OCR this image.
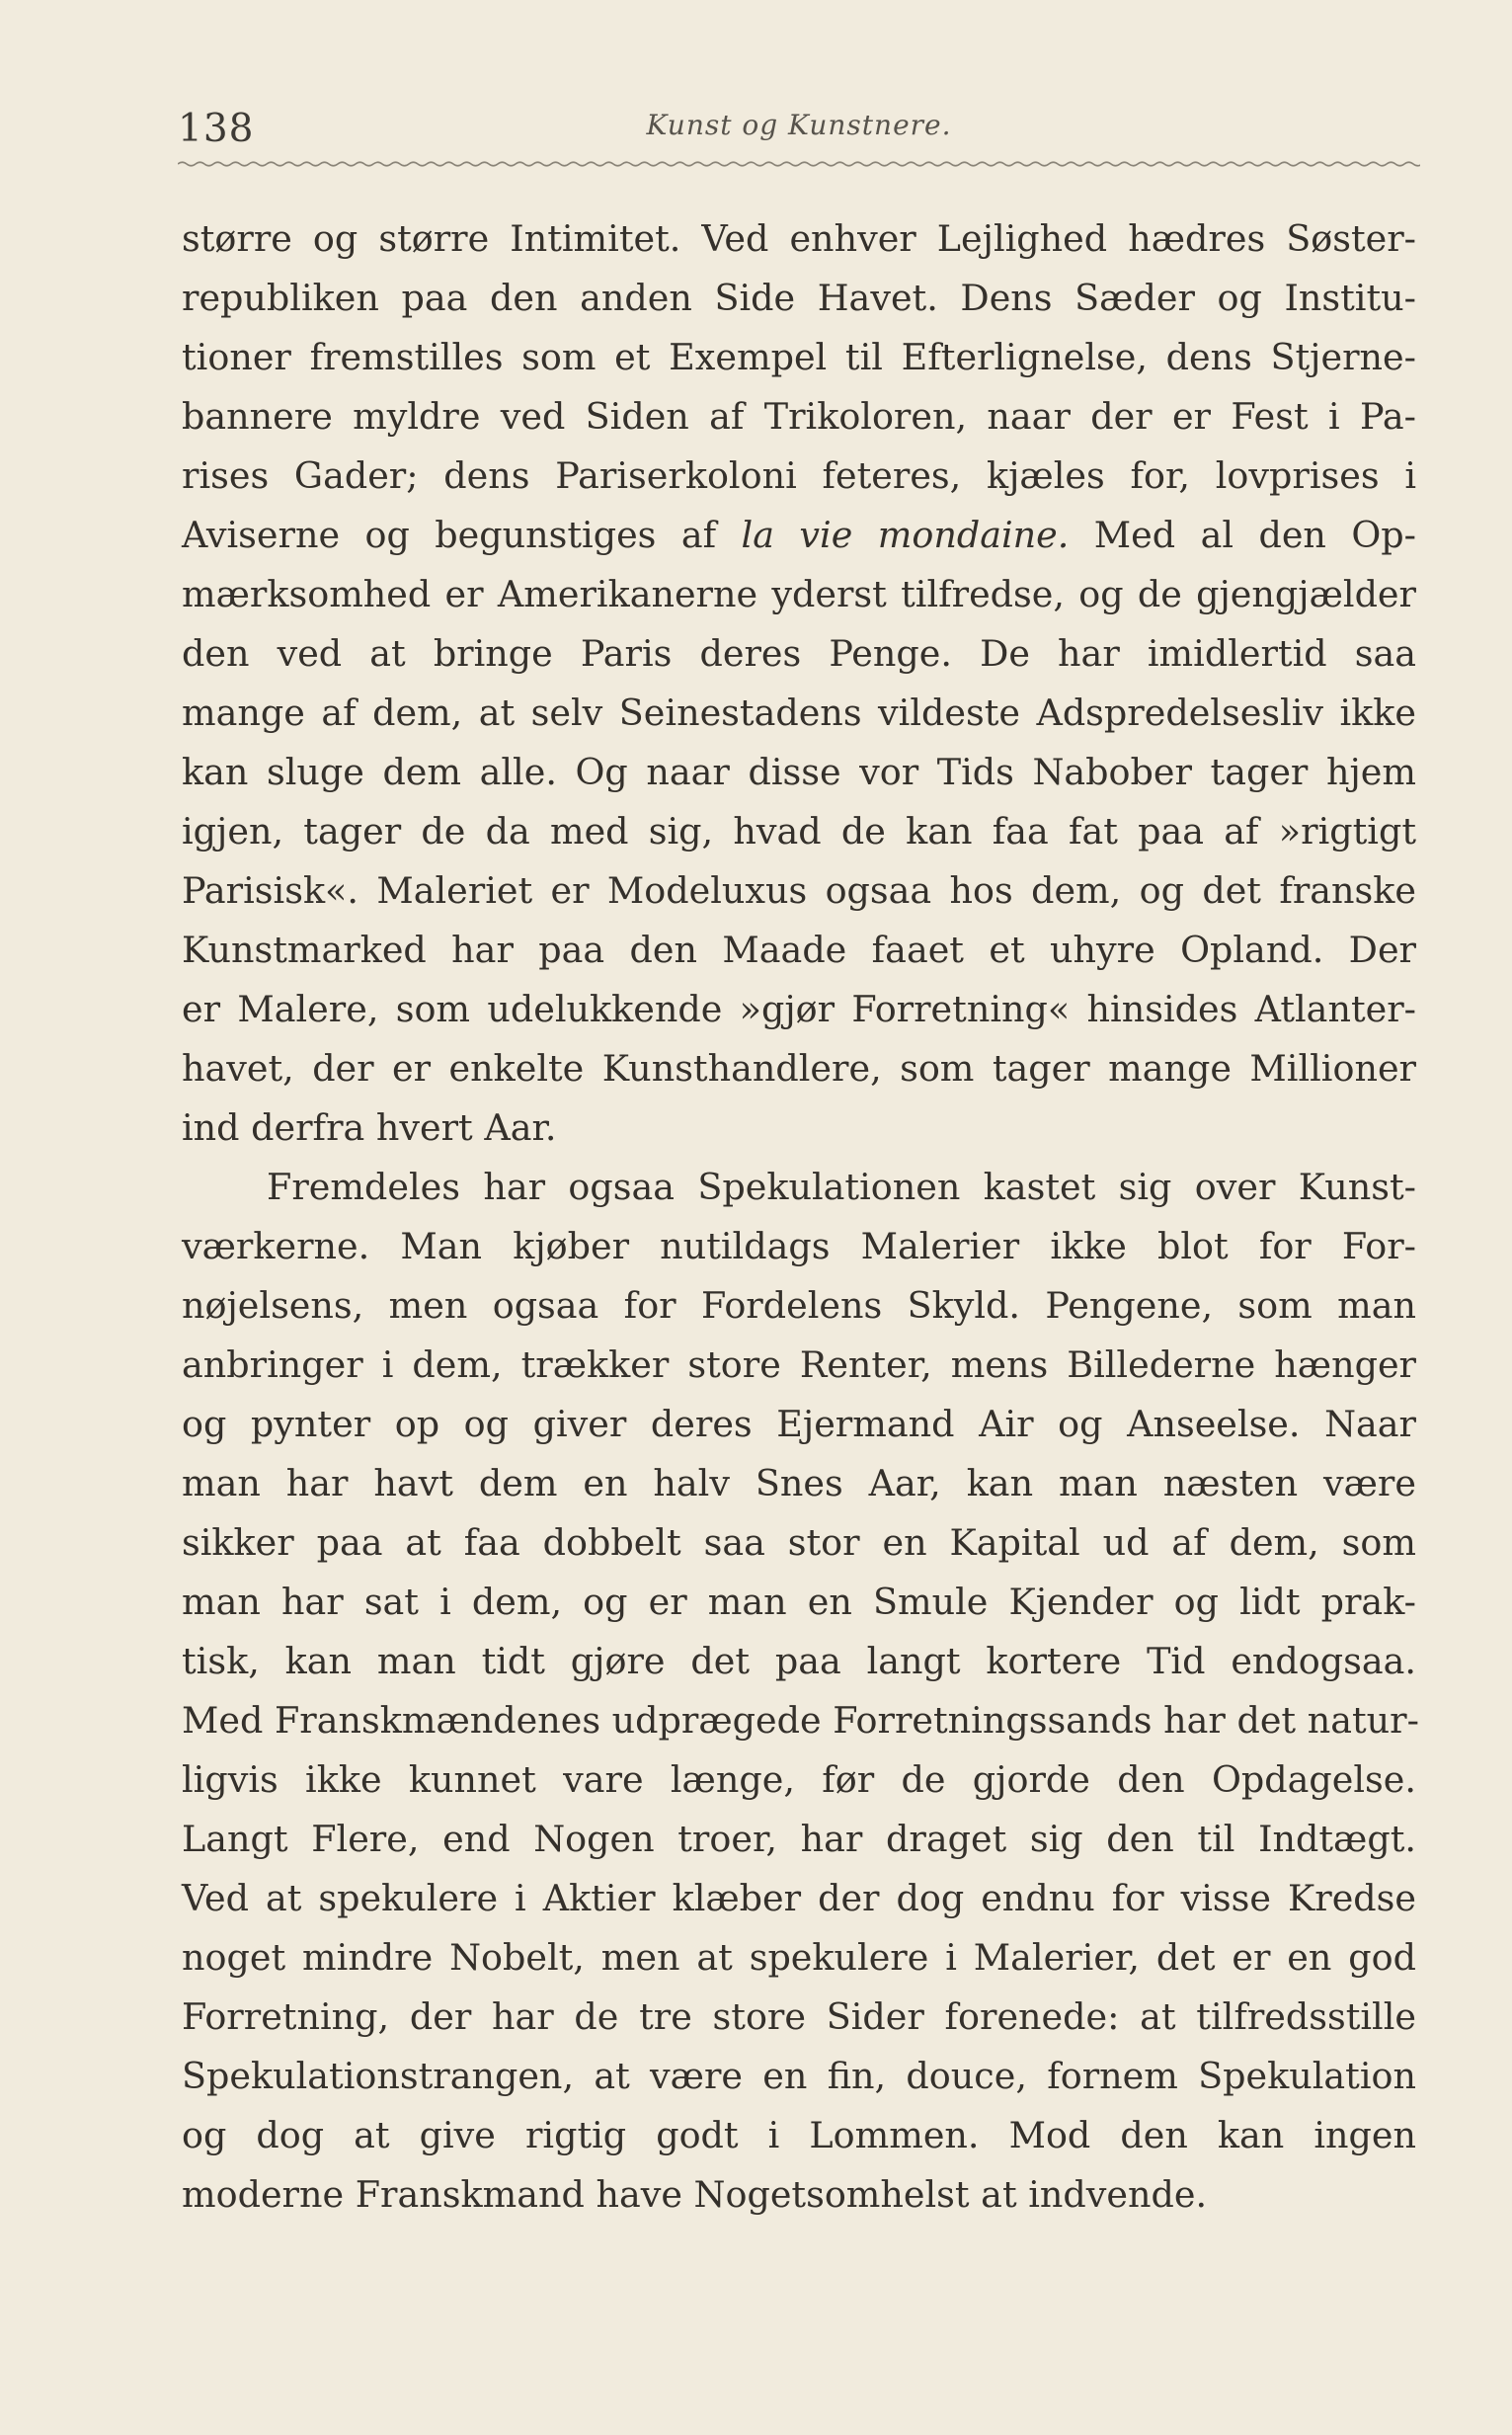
138	Kunst og Kunstnere.
større og større Intimitet. Ved enhver Lejlighed hædres Søster-
republiken paa den anden Side Havet. Dens Sæder og Institu-
tioner fremstilles som et Exempel til Efterlignelse, dens Stjerne-
bannere myldre ved Siden af Trikoloren, naar der er Fest i Pa-
rises Gader; dens Pariserkoloni feteres, kjæles for, lovprises i
Aviserne og begunstiges af la vie mondaine. Med al den Op-
mærksomhed er Amerikanerne yderst tilfredse, og de gjengjælder
den ved at bringe Paris deres Penge. De har imidlertid saa
mange af dem, at selv Seinestadens vildeste Adspredelsesliv ikke
kan sluge dem alle. Og naar disse vor Tids Nabober tager hjem
igjen, tager de da med sig, hvad de kan faa fat paa af »rigtigt
Parisisk«. Maleriet er Modeluxus ogsaa hos dem, og det franske
Kunstmarked har paa den Maade faaet et uhyre Opland. Der
er Malere, som udelukkende »gjør Forretning« hinsides Atlanter-
havet, der er enkelte Kunsthandlere, som tager mange Millioner
ind derfra hvert Aar.
Fremdeles har ogsaa Spekulationen kastet sig over Kunst-
værkerne. Man kjøber nutildags Malerier ikke blot for For-
nøjelsens, men ogsaa for Fordelens Skyld. Pengene, som man
anbringer i dem, trækker store Renter, mens Billederne hænger
og pynter op og giver deres Ejermand Air og Anseelse. Naar
man har havt dem en halv Snes Aar, kan man næsten være
sikker paa at faa dobbelt saa stor en Kapital ud af dem, som
man har sat i dem, og er man en Smule Kjender og lidt prak-
tisk, kan man tidt gjøre det paa langt kortere Tid endogsaa.
Med Franskmændenes udprægede Forretningssands har det natur-
ligvis ikke kunnet vare længe, før de gjorde den Opdagelse.
Langt Flere, end Nogen troer, har draget sig den til Indtægt.
Ved at spekulere i Aktier klæber der dog endnu for visse Kredse
noget mindre Nobelt, men at spekulere i Malerier, det er en god
Forretning, der har de tre store Sider forenede: at tilfredsstille
Spekulationstrangen, at være en fin, douce, fornem Spekulation
og dog at give rigtig godt i Lommen. Mod den kan ingen
moderne Franskmand have Nogetsomhelst at indvende.
